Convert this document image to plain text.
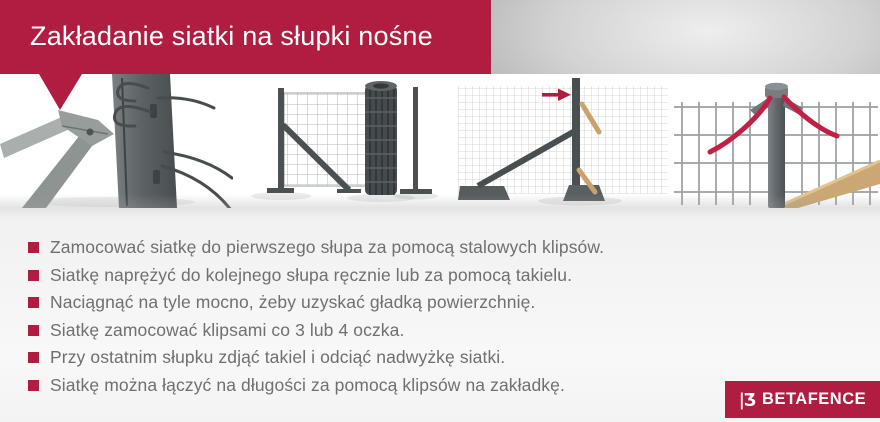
Zakładanie siatki na słupki nośne
Zamocować siatkę do pierwszego słupa za pomocą stalowych klipsów.
Siatkę naprężyć do kolejnego słupa ręcznie lub za pomocą takielu.
Naciągnąć na tyle mocno, żeby uzyskać gładką powierzchnię.
Siatkę zamocować klipsami co 3 lub 4 oczka.
Przy ostatnim słupku zdjąć takiel i odciąć nadwyżkę siatki.
Siatkę można łączyć na długości za pomocą klipsów na zakładkę.
|Ʒ BETAFENCE
